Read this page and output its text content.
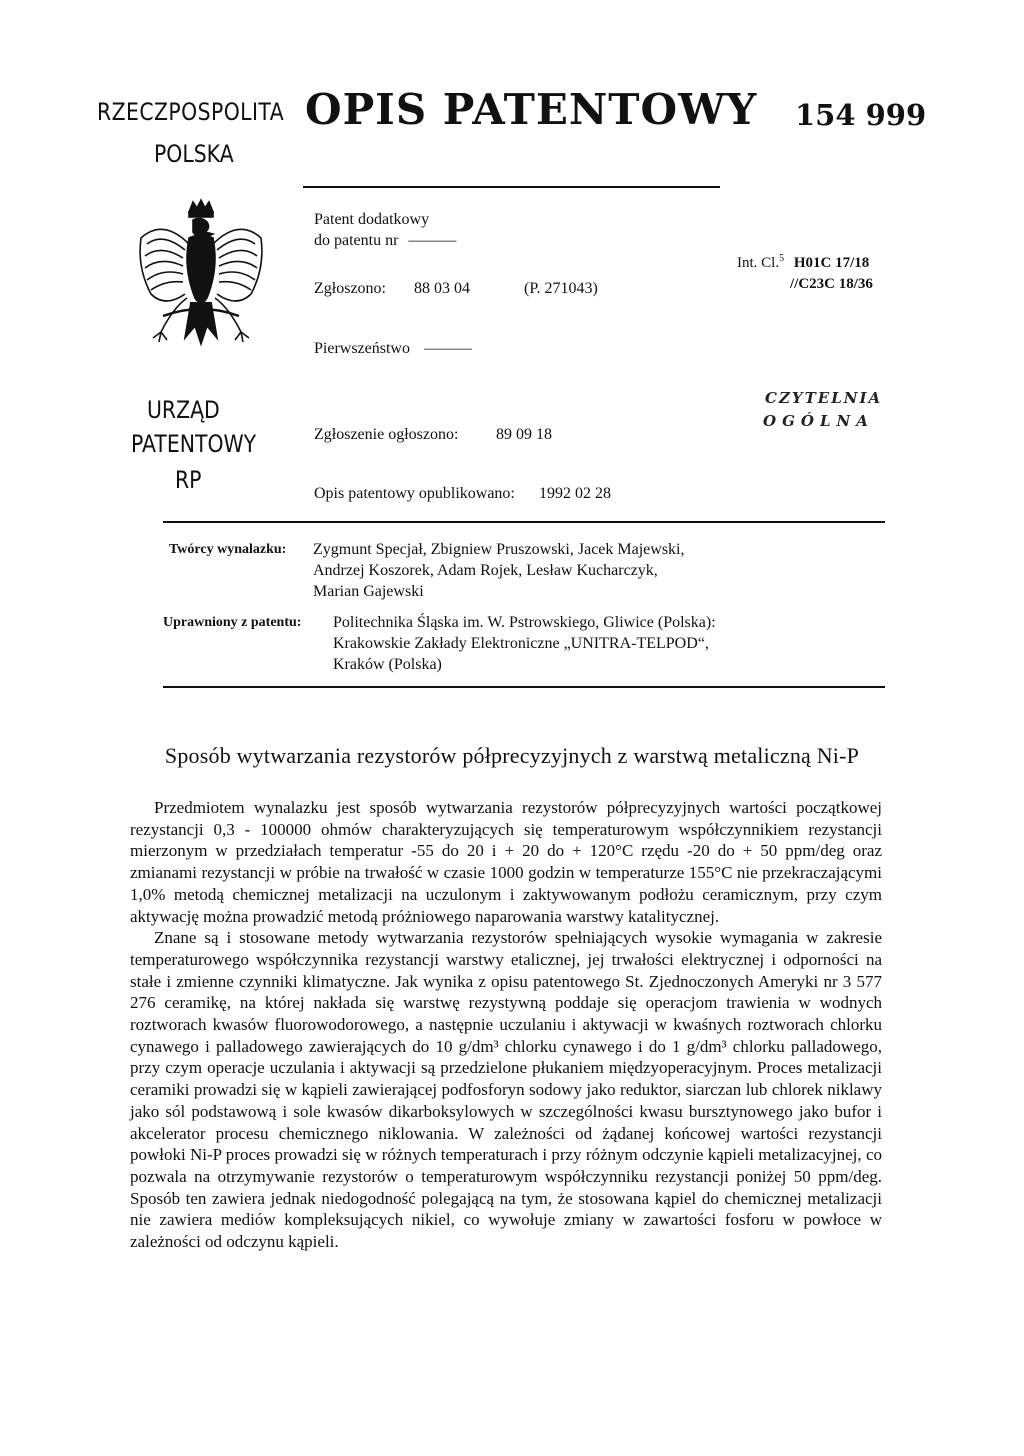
RZECZPOSPOLITA
POLSKA
OPIS PATENTOWY 154 999
URZĄD
PATENTOWY
RP
Patent dodatkowy
do patentu nr ———
Zgłoszono: 88 03 04	(P. 271043)
Int. Cl.$^5$ H01C 17/18
//C23C 18/36
Pierwszeństwo ———
CZYTELNIA
OGÓLNA
Zgłoszenie ogłoszono: 89 09 18
Opis patentowy opublikowano: 1992 02 28
Twórcy wynalazku: Zygmunt Specjał, Zbigniew Pruszowski, Jacek Majewski,
Andrzej Koszorek, Adam Rojek, Lesław Kucharczyk,
Marian Gajewski
Uprawniony z patentu: Politechnika Śląska im. W. Pstrowskiego, Gliwice (Polska):
Krakowskie Zakłady Elektroniczne „UNITRA-TELPOD“,
Kraków (Polska)
Sposób wytwarzania rezystorów półprecyzyjnych z warstwą metaliczną Ni-P

Przedmiotem wynalazku jest sposób wytwarzania rezystorów półprecyzyjnych wartości początkowej rezystancji 0,3 - 100000 ohmów charakteryzujących się temperaturowym współczynnikiem rezystancji mierzonym w przedziałach temperatur -55 do 20 i + 20 do + 120°C rzędu -20 do + 50 ppm/deg oraz zmianami rezystancji w próbie na trwałość w czasie 1000 godzin w temperaturze 155°C nie przekraczającymi 1,0% metodą chemicznej metalizacji na uczulonym i zaktywowanym podłożu ceramicznym, przy czym aktywację można prowadzić metodą próżniowego naparowania warstwy katalitycznej.

Znane są i stosowane metody wytwarzania rezystorów spełniających wysokie wymagania w zakresie temperaturowego współczynnika rezystancji warstwy etalicznej, jej trwałości elektrycznej i odporności na stałe i zmienne czynniki klimatyczne. Jak wynika z opisu patentowego St. Zjednoczonych Ameryki nr 3 577 276 ceramikę, na której nakłada się warstwę rezystywną poddaje się operacjom trawienia w wodnych roztworach kwasów fluorowodorowego, a następnie uczulaniu i aktywacji w kwaśnych roztworach chlorku cynawego i palladowego zawierających do 10 g/dm³ chlorku cynawego i do 1 g/dm³ chlorku palladowego, przy czym operacje uczulania i aktywacji są przedzielone płukaniem międzyoperacyjnym. Proces metalizacji ceramiki prowadzi się w kąpieli zawierającej podfosforyn sodowy jako reduktor, siarczan lub chlorek niklawy jako sól podstawową i sole kwasów dikarboksylowych w szczególności kwasu bursztynowego jako bufor i akcelerator procesu chemicznego niklowania. W zależności od żądanej końcowej wartości rezystancji powłoki Ni-P proces prowadzi się w różnych temperaturach i przy różnym odczynie kąpieli metalizacyjnej, co pozwala na otrzymywanie rezystorów o temperaturowym współczynniku rezystancji poniżej 50 ppm/deg. Sposób ten zawiera jednak niedogodność polegającą na tym, że stosowana kąpiel do chemicznej metalizacji nie zawiera mediów kompleksujących nikiel, co wywołuje zmiany w zawartości fosforu w powłoce w zależności od odczynu kąpieli.
